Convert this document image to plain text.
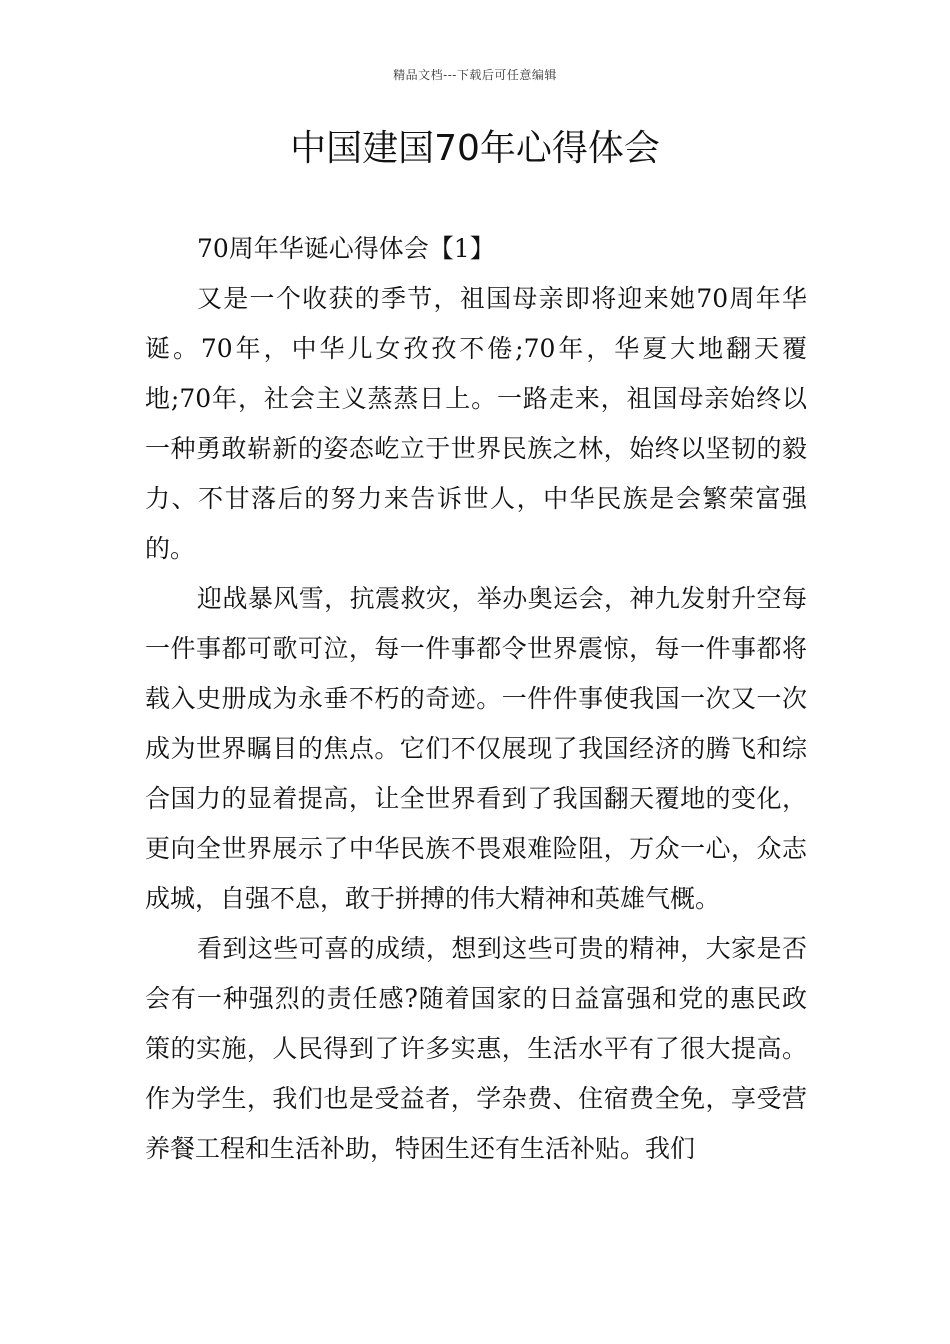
精品文档---下载后可任意编辑
中国建国70年心得体会

70周年华诞心得体会【1】

又是一个收获的季节，祖国母亲即将迎来她70周年华诞。70年，中华儿女孜孜不倦;70年，华夏大地翻天覆地;70年，社会主义蒸蒸日上。一路走来，祖国母亲始终以一种勇敢崭新的姿态屹立于世界民族之林，始终以坚韧的毅力、不甘落后的努力来告诉世人，中华民族是会繁荣富强的。

迎战暴风雪，抗震救灾，举办奥运会，神九发射升空每一件事都可歌可泣，每一件事都令世界震惊，每一件事都将载入史册成为永垂不朽的奇迹。一件件事使我国一次又一次成为世界瞩目的焦点。它们不仅展现了我国经济的腾飞和综合国力的显着提高，让全世界看到了我国翻天覆地的变化，更向全世界展示了中华民族不畏艰难险阻，万众一心，众志成城，自强不息，敢于拼搏的伟大精神和英雄气概。

看到这些可喜的成绩，想到这些可贵的精神，大家是否会有一种强烈的责任感?随着国家的日益富强和党的惠民政策的实施，人民得到了许多实惠，生活水平有了很大提高。作为学生，我们也是受益者，学杂费、住宿费全免，享受营养餐工程和生活补助，特困生还有生活补贴。我们
